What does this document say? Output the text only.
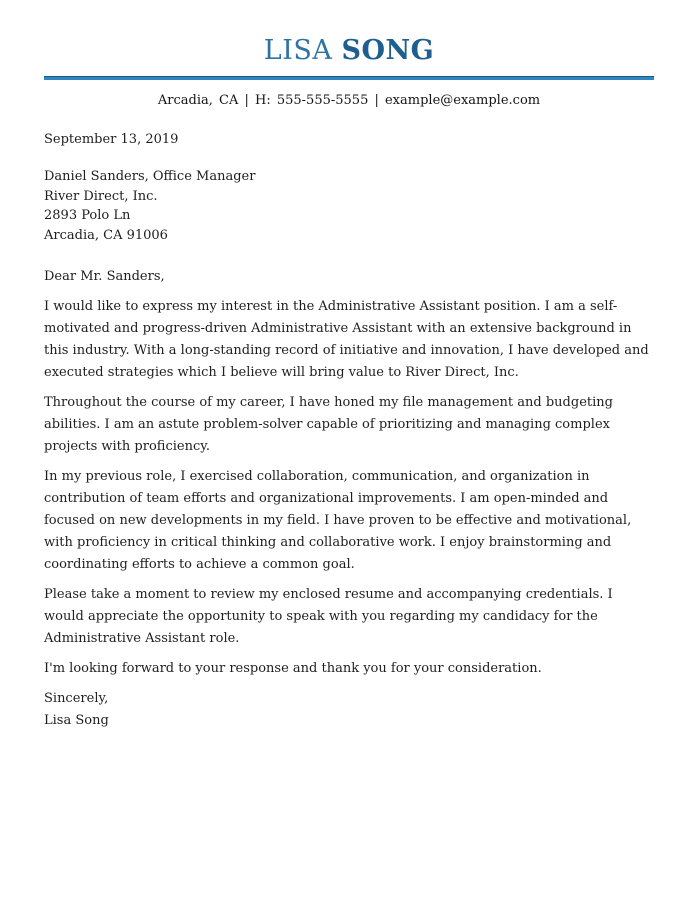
LISA SONG
Arcadia, CA | H: 555-555-5555 | example@example.com
September 13, 2019
Daniel Sanders, Office Manager
River Direct, Inc.
2893 Polo Ln
Arcadia, CA 91006
Dear Mr. Sanders,

I would like to express my interest in the Administrative Assistant position. I am a self-motivated and progress-driven Administrative Assistant with an extensive background in this industry. With a long-standing record of initiative and innovation, I have developed and executed strategies which I believe will bring value to River Direct, Inc.

Throughout the course of my career, I have honed my file management and budgeting abilities. I am an astute problem-solver capable of prioritizing and managing complex projects with proficiency.

In my previous role, I exercised collaboration, communication, and organization in contribution of team efforts and organizational improvements. I am open-minded and focused on new developments in my field. I have proven to be effective and motivational, with proficiency in critical thinking and collaborative work. I enjoy brainstorming and coordinating efforts to achieve a common goal.

Please take a moment to review my enclosed resume and accompanying credentials. I would appreciate the opportunity to speak with you regarding my candidacy for the Administrative Assistant role.

I'm looking forward to your response and thank you for your consideration.

Sincerely,
Lisa Song
